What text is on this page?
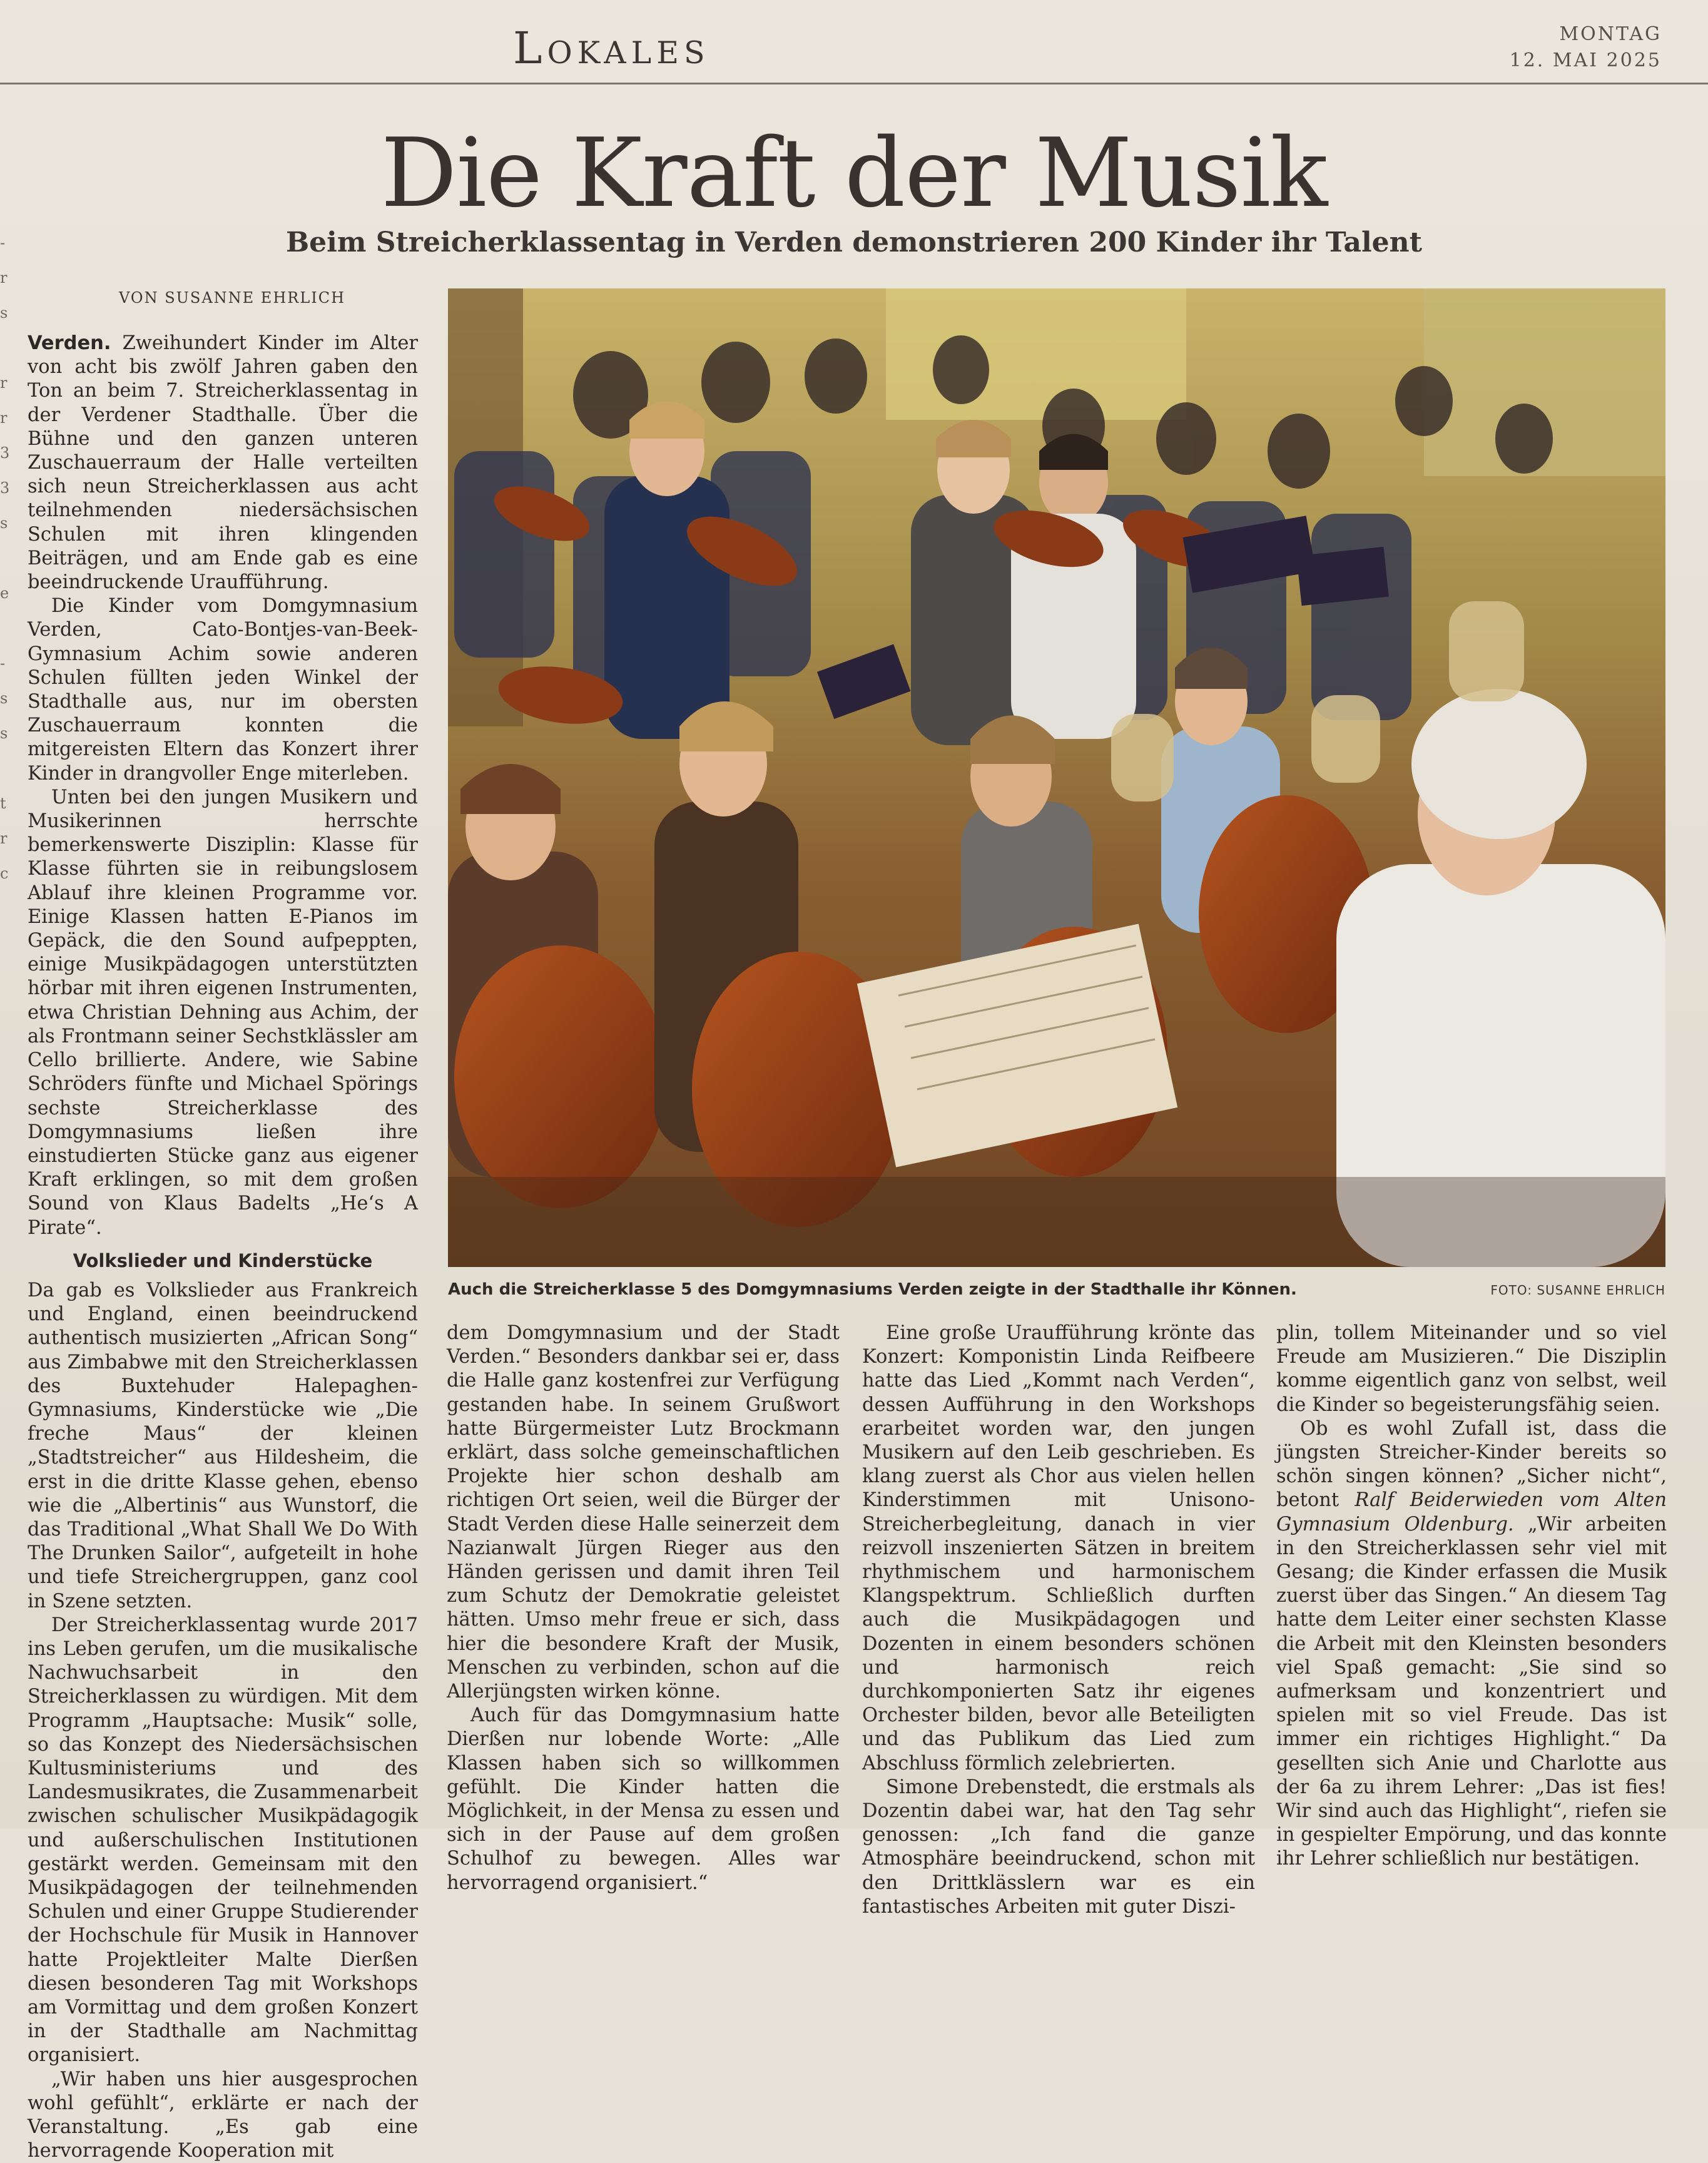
Lokales	MONTAG
12. MAI 2025
-
r
s

r
r
3
3
s

e

-
s
s

t
r
c
Die Kraft der Musik
Beim Streicherklassentag in Verden demonstrieren 200 Kinder ihr Talent
VON SUSANNE EHRLICH

Verden. Zweihundert Kinder im Alter von acht bis zwölf Jahren gaben den Ton an beim 7. Streicherklassentag in der Verdener Stadthalle. Über die Bühne und den ganzen unteren Zuschauerraum der Halle verteilten sich neun Streicherklassen aus acht teilnehmenden niedersächsischen Schulen mit ihren klingenden Beiträgen, und am Ende gab es eine beeindruckende Uraufführung.

Die Kinder vom Domgymnasium Verden, Cato-Bontjes-van-Beek-Gymnasium Achim sowie anderen Schulen füllten jeden Winkel der Stadthalle aus, nur im obersten Zuschauerraum konnten die mitgereisten Eltern das Konzert ihrer Kinder in drangvoller Enge miterleben.

Unten bei den jungen Musikern und Musikerinnen herrschte bemerkenswerte Disziplin: Klasse für Klasse führten sie in reibungslosem Ablauf ihre kleinen Programme vor. Einige Klassen hatten E-Pianos im Gepäck, die den Sound aufpeppten, einige Musikpädagogen unterstützten hörbar mit ihren eigenen Instrumenten, etwa Christian Dehning aus Achim, der als Frontmann seiner Sechstklässler am Cello brillierte. Andere, wie Sabine Schröders fünfte und Michael Spörings sechste Streicherklasse des Domgymnasiums ließen ihre einstudierten Stücke ganz aus eigener Kraft erklingen, so mit dem großen Sound von Klaus Badelts „He‘s A Pirate“.

Volkslieder und Kinderstücke

Da gab es Volkslieder aus Frankreich und England, einen beeindruckend authentisch musizierten „African Song“ aus Zimbabwe mit den Streicherklassen des Buxtehuder Halepaghen-Gymnasiums, Kinderstücke wie „Die freche Maus“ der kleinen „Stadtstreicher“ aus Hildesheim, die erst in die dritte Klasse gehen, ebenso wie die „Albertinis“ aus Wunstorf, die das Traditional „What Shall We Do With The Drunken Sailor“, aufgeteilt in hohe und tiefe Streichergruppen, ganz cool in Szene setzten.

Der Streicherklassentag wurde 2017 ins Leben gerufen, um die musikalische Nachwuchsarbeit in den Streicherklassen zu würdigen. Mit dem Programm „Hauptsache: Musik“ solle, so das Konzept des Niedersächsischen Kultusministeriums und des Landesmusikrates, die Zusammenarbeit zwischen schulischer Musikpädagogik und außerschulischen Institutionen gestärkt werden. Gemeinsam mit den Musikpädagogen der teilnehmenden Schulen und einer Gruppe Studierender der Hochschule für Musik in Hannover hatte Projektleiter Malte Dierßen diesen besonderen Tag mit Workshops am Vormittag und dem großen Konzert in der Stadthalle am Nachmittag organisiert.

„Wir haben uns hier ausgesprochen wohl gefühlt“, erklärte er nach der Veranstaltung. „Es gab eine hervorragende Kooperation mit

Auch die Streicherklasse 5 des Domgymnasiums Verden zeigte in der Stadthalle ihr Können.	FOTO: SUSANNE EHRLICH

dem Domgymnasium und der Stadt Verden.“ Besonders dankbar sei er, dass die Halle ganz kostenfrei zur Verfügung gestanden habe. In seinem Grußwort hatte Bürgermeister Lutz Brockmann erklärt, dass solche gemeinschaftlichen Projekte hier schon deshalb am richtigen Ort seien, weil die Bürger der Stadt Verden diese Halle seinerzeit dem Nazianwalt Jürgen Rieger aus den Händen gerissen und damit ihren Teil zum Schutz der Demokratie geleistet hätten. Umso mehr freue er sich, dass hier die besondere Kraft der Musik, Menschen zu verbinden, schon auf die Allerjüngsten wirken könne.

Auch für das Domgymnasium hatte Dierßen nur lobende Worte: „Alle Klassen haben sich so willkommen gefühlt. Die Kinder hatten die Möglichkeit, in der Mensa zu essen und sich in der Pause auf dem großen Schulhof zu bewegen. Alles war hervorragend organisiert.“

Eine große Uraufführung krönte das Konzert: Komponistin Linda Reifbeere hatte das Lied „Kommt nach Verden“, dessen Aufführung in den Workshops erarbeitet worden war, den jungen Musikern auf den Leib geschrieben. Es klang zuerst als Chor aus vielen hellen Kinderstimmen mit Unisono-Streicherbegleitung, danach in vier reizvoll inszenierten Sätzen in breitem rhythmischem und harmonischem Klangspektrum. Schließlich durften auch die Musikpädagogen und Dozenten in einem besonders schönen und harmonisch reich durchkomponierten Satz ihr eigenes Orchester bilden, bevor alle Beteiligten und das Publikum das Lied zum Abschluss förmlich zelebrierten.

Simone Drebenstedt, die erstmals als Dozentin dabei war, hat den Tag sehr genossen: „Ich fand die ganze Atmosphäre beeindruckend, schon mit den Drittklässlern war es ein fantastisches Arbeiten mit guter Diszi-

plin, tollem Miteinander und so viel Freude am Musizieren.“ Die Disziplin komme eigentlich ganz von selbst, weil die Kinder so begeisterungsfähig seien.

Ob es wohl Zufall ist, dass die jüngsten Streicher-Kinder bereits so schön singen können? „Sicher nicht“, betont Ralf Beiderwieden vom Alten Gymnasium Oldenburg. „Wir arbeiten in den Streicherklassen sehr viel mit Gesang; die Kinder erfassen die Musik zuerst über das Singen.“ An diesem Tag hatte dem Leiter einer sechsten Klasse die Arbeit mit den Kleinsten besonders viel Spaß gemacht: „Sie sind so aufmerksam und konzentriert und spielen mit so viel Freude. Das ist immer ein richtiges Highlight.“ Da gesellten sich Anie und Charlotte aus der 6a zu ihrem Lehrer: „Das ist fies! Wir sind auch das Highlight“, riefen sie in gespielter Empörung, und das konnte ihr Lehrer schließlich nur bestätigen.
